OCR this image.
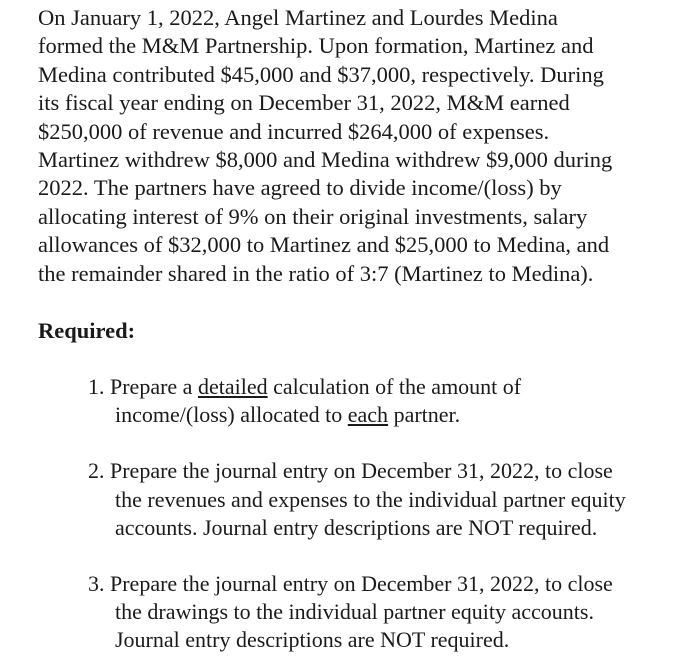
On January 1, 2022, Angel Martinez and Lourdes Medina
formed the M&M Partnership. Upon formation, Martinez and
Medina contributed $45,000 and $37,000, respectively. During
its fiscal year ending on December 31, 2022, M&M earned
$250,000 of revenue and incurred $264,000 of expenses.
Martinez withdrew $8,000 and Medina withdrew $9,000 during
2022. The partners have agreed to divide income/(loss) by
allocating interest of 9% on their original investments, salary
allowances of $32,000 to Martinez and $25,000 to Medina, and
the remainder shared in the ratio of 3:7 (Martinez to Medina).

Required:
1. Prepare a detailed calculation of the amount of
income/(loss) allocated to each partner.
2. Prepare the journal entry on December 31, 2022, to close
the revenues and expenses to the individual partner equity
accounts. Journal entry descriptions are NOT required.
3. Prepare the journal entry on December 31, 2022, to close
the drawings to the individual partner equity accounts.
Journal entry descriptions are NOT required.
